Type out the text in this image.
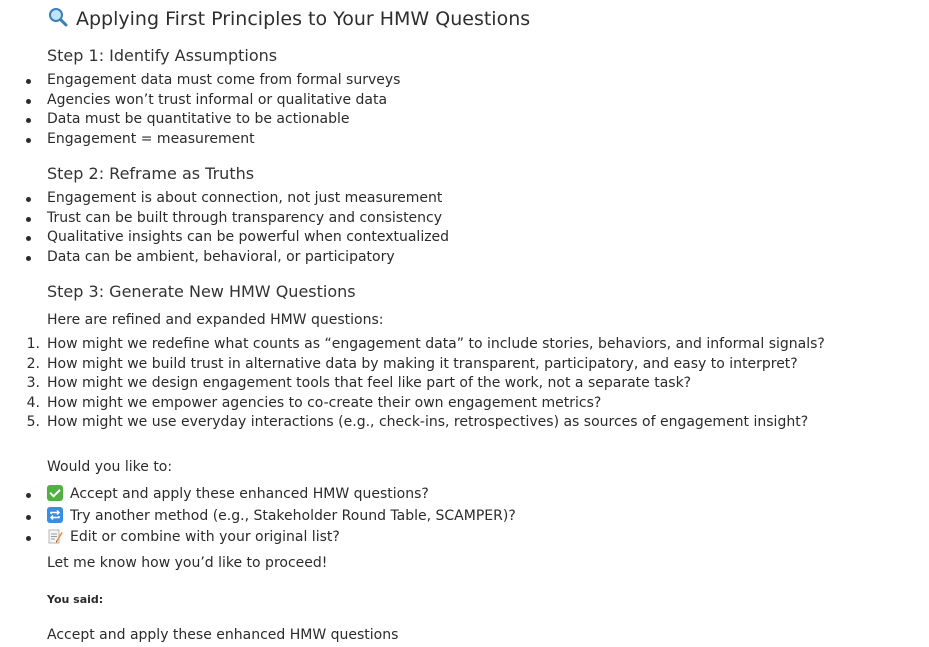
Applying First Principles to Your HMW Questions
Step 1: Identify Assumptions
Engagement data must come from formal surveys
Agencies won’t trust informal or qualitative data
Data must be quantitative to be actionable
Engagement = measurement
Step 2: Reframe as Truths
Engagement is about connection, not just measurement
Trust can be built through transparency and consistency
Qualitative insights can be powerful when contextualized
Data can be ambient, behavioral, or participatory
Step 3: Generate New HMW Questions
Here are refined and expanded HMW questions:
1. How might we redefine what counts as “engagement data” to include stories, behaviors, and informal signals?
2. How might we build trust in alternative data by making it transparent, participatory, and easy to interpret?
3. How might we design engagement tools that feel like part of the work, not a separate task?
4. How might we empower agencies to co-create their own engagement metrics?
5. How might we use everyday interactions (e.g., check-ins, retrospectives) as sources of engagement insight?
Would you like to:
Accept and apply these enhanced HMW questions?
Try another method (e.g., Stakeholder Round Table, SCAMPER)?
Edit or combine with your original list?
Let me know how you’d like to proceed!
You said:
Accept and apply these enhanced HMW questions
